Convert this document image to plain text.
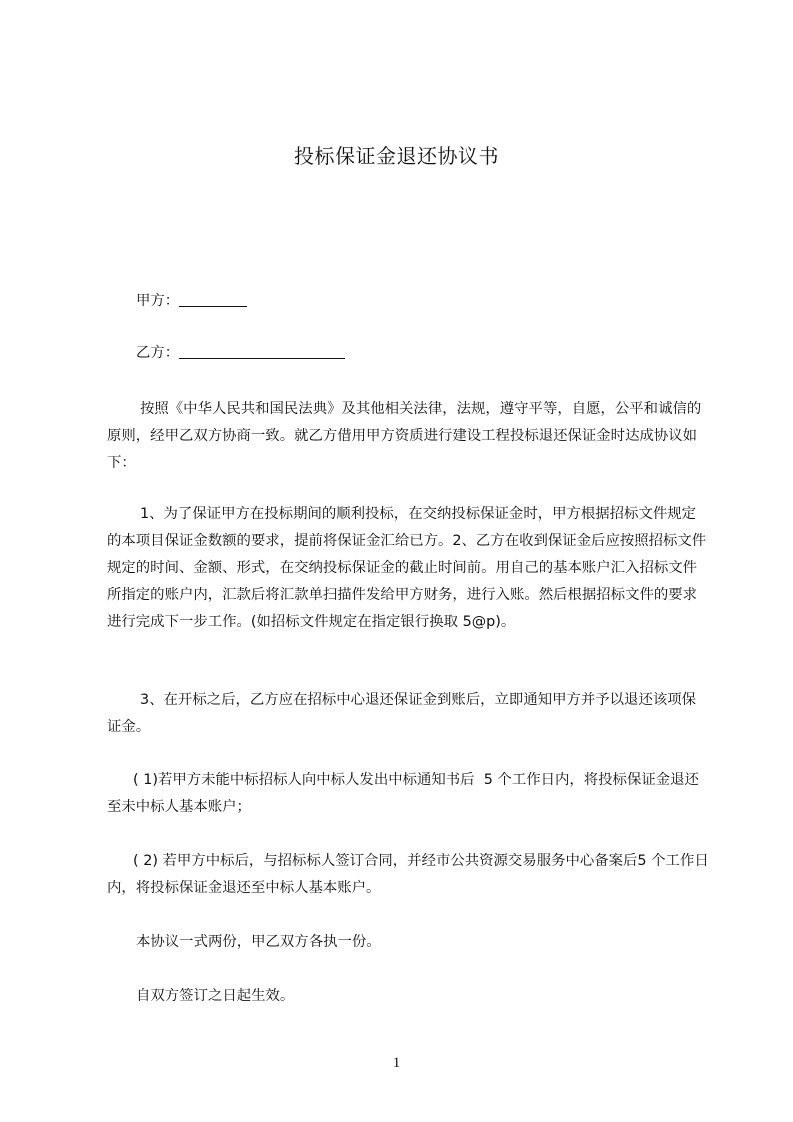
投标保证金退还协议书
甲方：
乙方：
按照《中华人民共和国民法典》及其他相关法律，法规，遵守平等，自愿，公平和诚信的原则，经甲乙双方协商一致。就乙方借用甲方资质进行建设工程投标退还保证金时达成协议如下：
1、为了保证甲方在投标期间的顺利投标，在交纳投标保证金时，甲方根据招标文件规定的本项目保证金数额的要求，提前将保证金汇给已方。2、乙方在收到保证金后应按照招标文件规定的时间、金额、形式，在交纳投标保证金的截止时间前。用自己的基本账户汇入招标文件所指定的账户内，汇款后将汇款单扫描件发给甲方财务，进行入账。然后根据招标文件的要求进行完成下一步工作。(如招标文件规定在指定银行换取 5@p)。
3、在开标之后，乙方应在招标中心退还保证金到账后，立即通知甲方并予以退还该项保证金。
( 1)若甲方未能中标招标人向中标人发出中标通知书后  5 个工作日内，将投标保证金退还至未中标人基本账户；
( 2) 若甲方中标后，与招标标人签订合同，并经市公共资源交易服务中心备案后5 个工作日内，将投标保证金退还至中标人基本账户。
本协议一式两份，甲乙双方各执一份。
自双方签订之日起生效。
1
